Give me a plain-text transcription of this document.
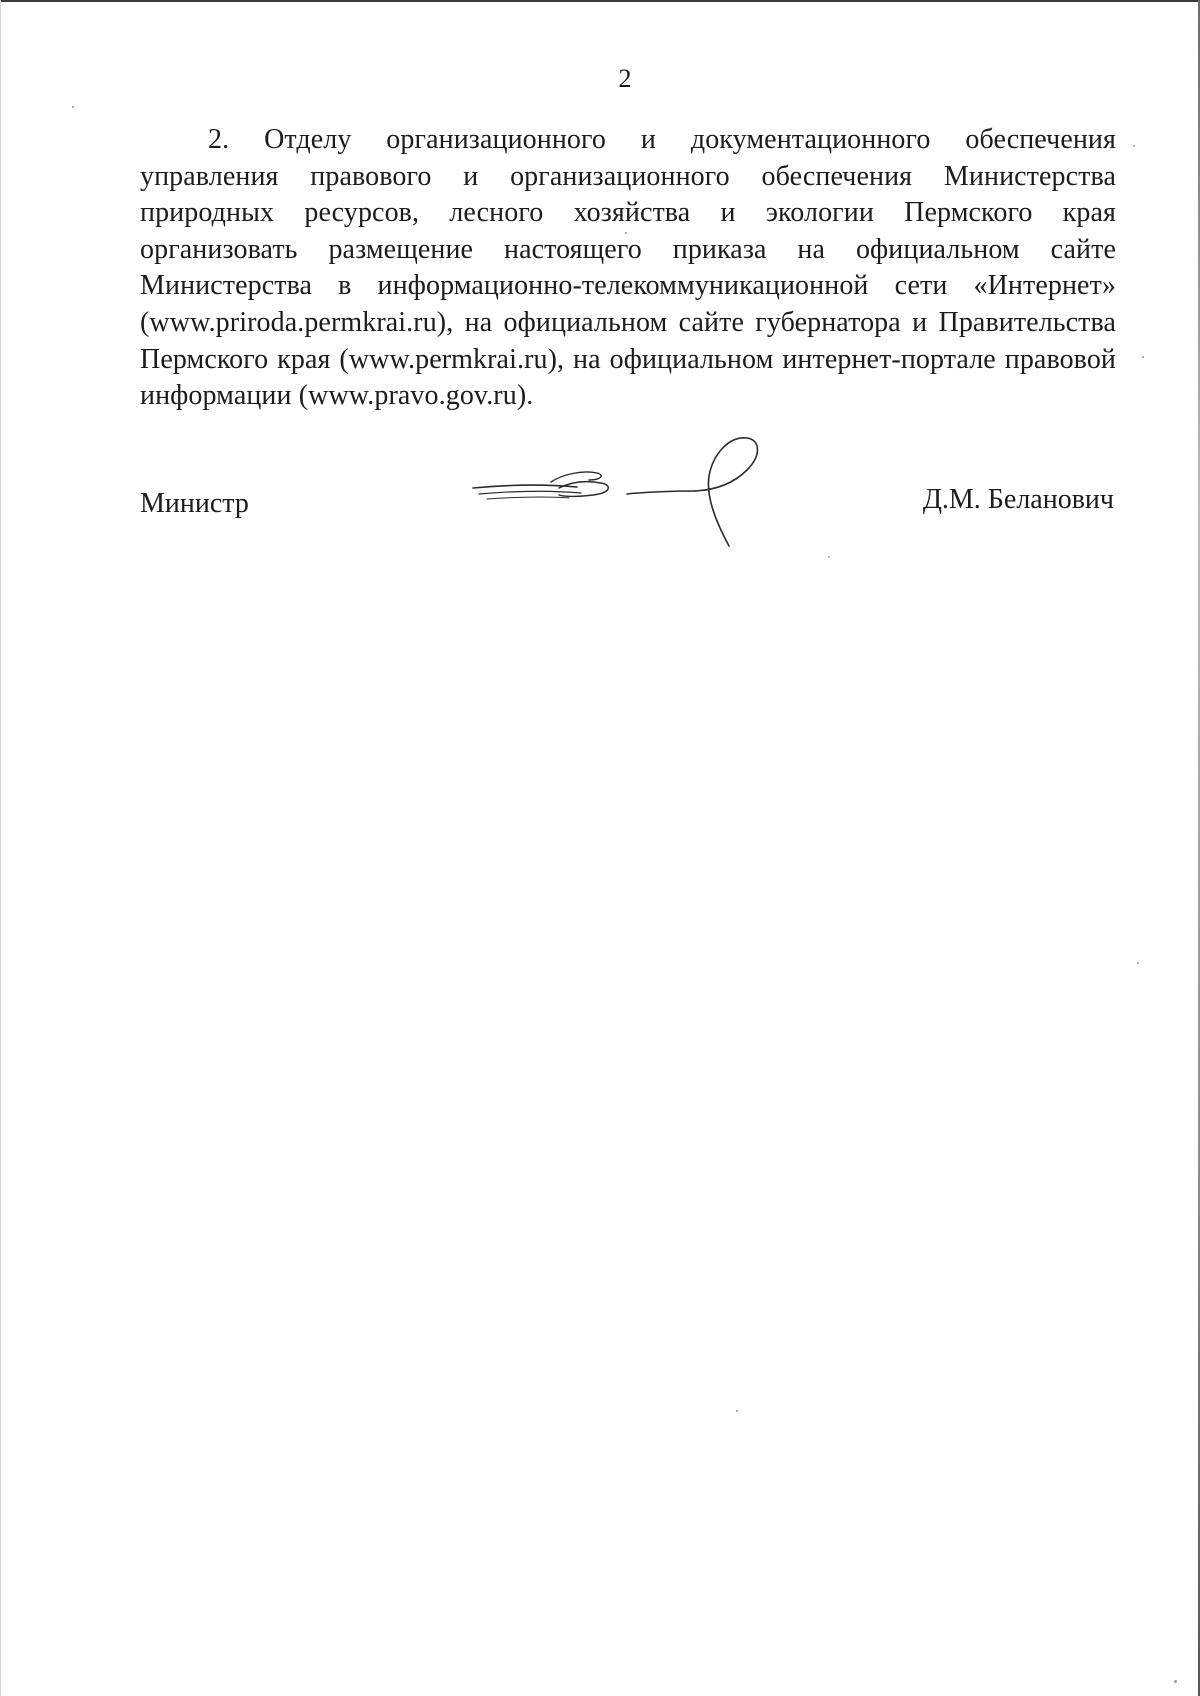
2

2. Отделу организационного и документационного обеспечения управления правового и организационного обеспечения Министерства природных ресурсов, лесного хозяйства и экологии Пермского края организовать размещение настоящего приказа на официальном сайте Министерства в информационно-телекоммуникационной сети «Интернет» (www.priroda.permkrai.ru), на официальном сайте губернатора и Правительства Пермского края (www.permkrai.ru), на официальном интернет-портале правовой информации (www.pravo.gov.ru).

Министр	Д.М. Беланович
